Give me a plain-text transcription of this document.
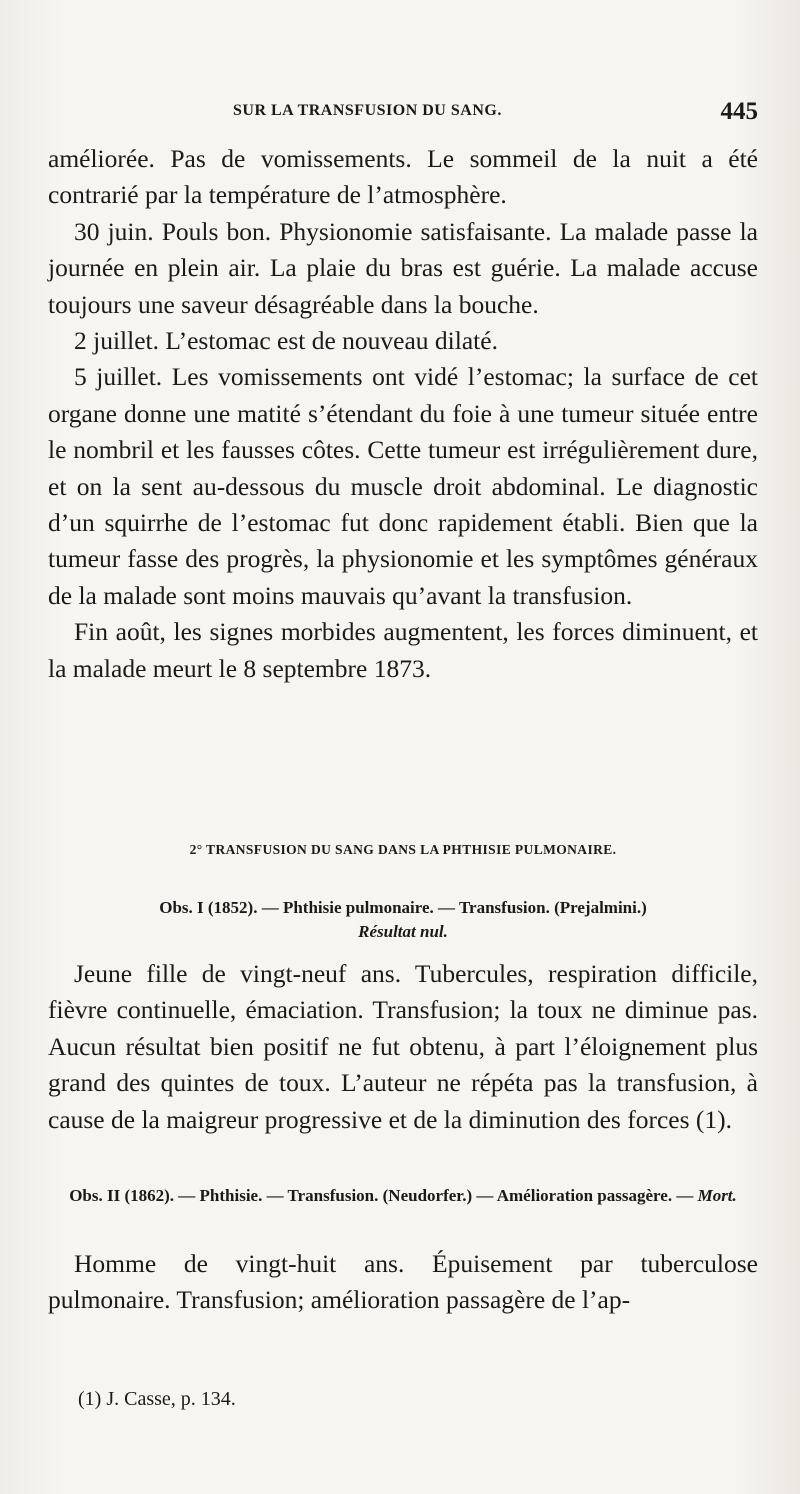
SUR LA TRANSFUSION DU SANG.	445

améliorée. Pas de vomissements. Le sommeil de la nuit a été contrarié par la température de l’atmosphère.

30 juin. Pouls bon. Physionomie satisfaisante. La malade passe la journée en plein air. La plaie du bras est guérie. La malade accuse toujours une saveur désagréable dans la bouche.

2 juillet. L’estomac est de nouveau dilaté.

5 juillet. Les vomissements ont vidé l’estomac; la surface de cet organe donne une matité s’étendant du foie à une tumeur située entre le nombril et les fausses côtes. Cette tumeur est irrégulièrement dure, et on la sent au-dessous du muscle droit abdominal. Le diagnostic d’un squirrhe de l’estomac fut donc rapidement établi. Bien que la tumeur fasse des progrès, la physionomie et les symptômes généraux de la malade sont moins mauvais qu’avant la transfusion.

Fin août, les signes morbides augmentent, les forces diminuent, et la malade meurt le 8 septembre 1873.

2° TRANSFUSION DU SANG DANS LA PHTHISIE PULMONAIRE.
Obs. I (1852). — Phthisie pulmonaire. — Transfusion. (Prejalmini.)
Résultat nul.

Jeune fille de vingt-neuf ans. Tubercules, respiration difficile, fièvre continuelle, émaciation. Transfusion; la toux ne diminue pas. Aucun résultat bien positif ne fut obtenu, à part l’éloignement plus grand des quintes de toux. L’auteur ne répéta pas la transfusion, à cause de la maigreur progressive et de la diminution des forces (1).

Obs. II (1862). — Phthisie. — Transfusion. (Neudorfer.) — Amélioration passagère. — Mort.

Homme de vingt-huit ans. Épuisement par tuberculose pulmonaire. Transfusion; amélioration passagère de l’ap-

(1) J. Casse, p. 134.
